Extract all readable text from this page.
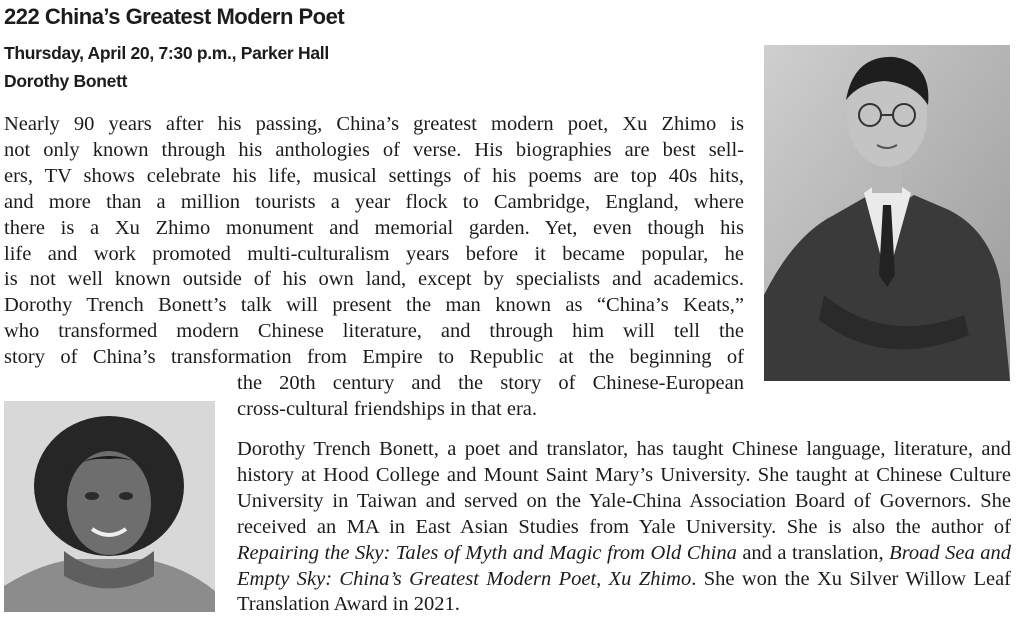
222 China’s Greatest Modern Poet
Thursday, April 20, 7:30 p.m., Parker Hall
Dorothy Bonett
Nearly 90 years after his passing, China’s greatest modern poet, Xu Zhimo is
not only known through his anthologies of verse. His biographies are best sell-
ers, TV shows celebrate his life, musical settings of his poems are top 40s hits,
and more than a million tourists a year flock to Cambridge, England, where
there is a Xu Zhimo monument and memorial garden. Yet, even though his
life and work promoted multi-culturalism years before it became popular, he
is not well known outside of his own land, except by specialists and academics.
Dorothy Trench Bonett’s talk will present the man known as “China’s Keats,”
who transformed modern Chinese literature, and through him will tell the
story of China’s transformation from Empire to Republic at the beginning of
the 20th century and the story of Chinese-European
cross-cultural friendships in that era.

Dorothy Trench Bonett, a poet and translator, has taught Chinese language, literature, and history at Hood College and Mount Saint Mary’s University. She taught at Chinese Culture University in Taiwan and served on the Yale-China Association Board of Governors. She received an MA in East Asian Studies from Yale University. She is also the author of Repairing the Sky: Tales of Myth and Magic from Old China and a translation, Broad Sea and Empty Sky: China’s Greatest Modern Poet, Xu Zhimo. She won the Xu Silver Willow Leaf Translation Award in 2021.
